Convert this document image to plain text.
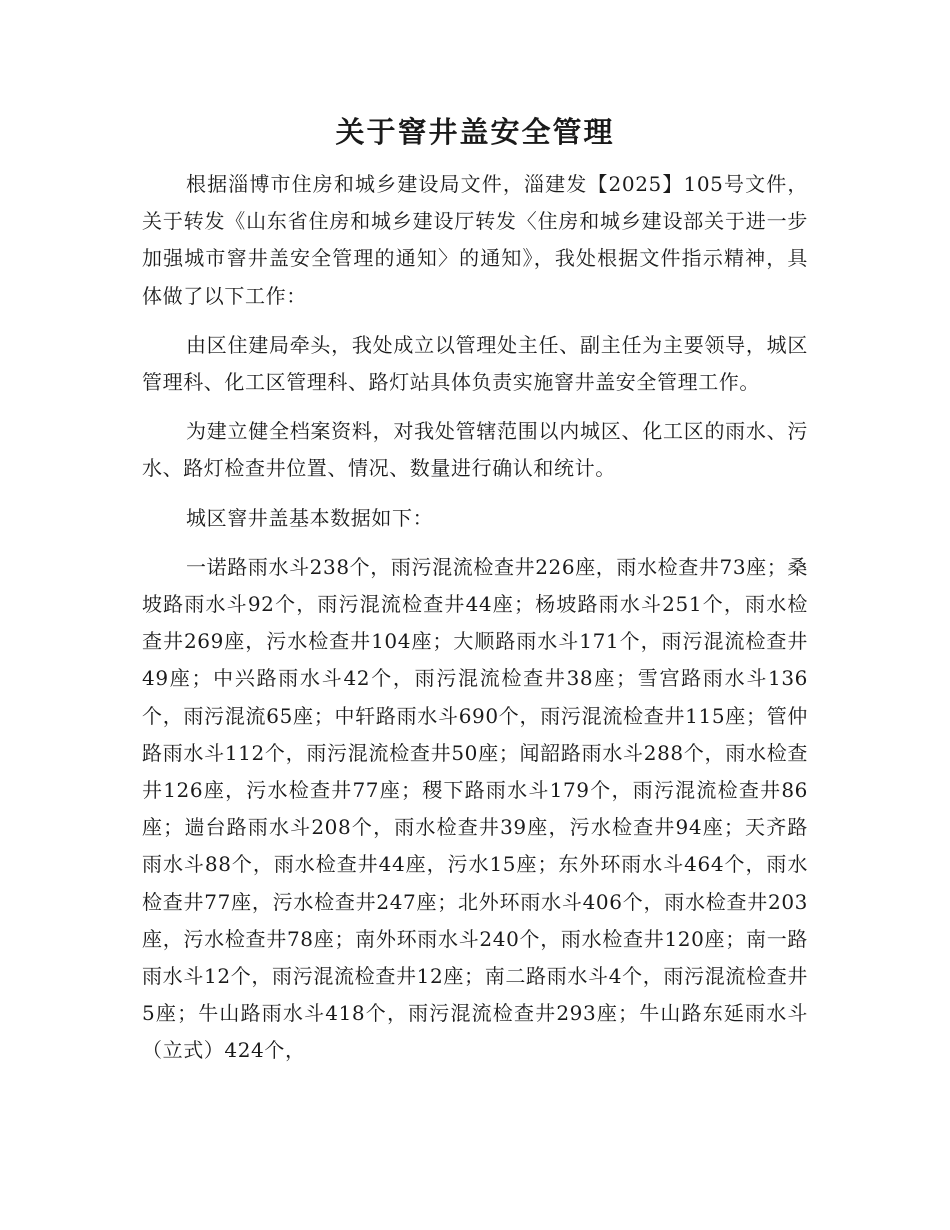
关于窨井盖安全管理

根据淄博市住房和城乡建设局文件，淄建发【2025】105号文件，关于转发《山东省住房和城乡建设厅转发〈住房和城乡建设部关于进一步加强城市窨井盖安全管理的通知〉的通知》，我处根据文件指示精神，具体做了以下工作：

由区住建局牵头，我处成立以管理处主任、副主任为主要领导，城区管理科、化工区管理科、路灯站具体负责实施窨井盖安全管理工作。

为建立健全档案资料，对我处管辖范围以内城区、化工区的雨水、污水、路灯检查井位置、情况、数量进行确认和统计。

城区窨井盖基本数据如下：

一诺路雨水斗238个，雨污混流检查井226座，雨水检查井73座；桑坡路雨水斗92个，雨污混流检查井44座；杨坡路雨水斗251个，雨水检查井269座，污水检查井104座；大顺路雨水斗171个，雨污混流检查井49座；中兴路雨水斗42个，雨污混流检查井38座；雪宫路雨水斗136个，雨污混流65座；中轩路雨水斗690个，雨污混流检查井115座；管仲路雨水斗112个，雨污混流检查井50座；闻韶路雨水斗288个，雨水检查井126座，污水检查井77座；稷下路雨水斗179个，雨污混流检查井86座；遄台路雨水斗208个，雨水检查井39座，污水检查井94座；天齐路雨水斗88个，雨水检查井44座，污水15座；东外环雨水斗464个，雨水检查井77座，污水检查井247座；北外环雨水斗406个，雨水检查井203座，污水检查井78座；南外环雨水斗240个，雨水检查井120座；南一路雨水斗12个，雨污混流检查井12座；南二路雨水斗4个，雨污混流检查井5座；牛山路雨水斗418个，雨污混流检查井293座；牛山路东延雨水斗（立式）424个，
